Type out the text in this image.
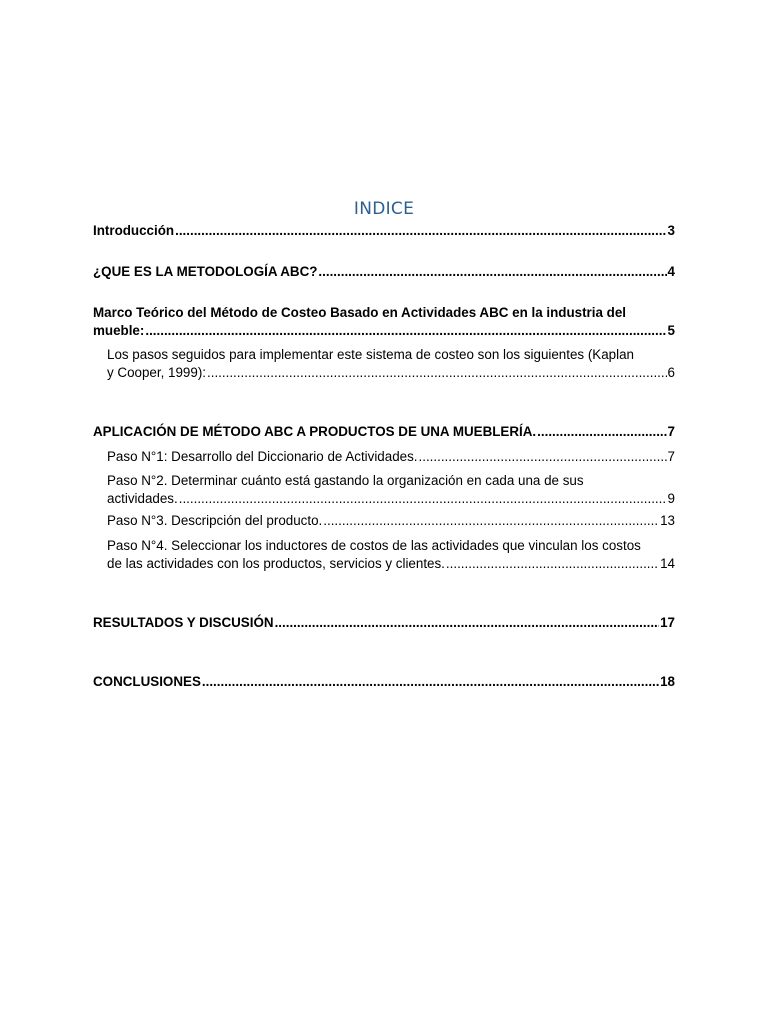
INDICE
Introducción .....	3
¿QUE ES LA METODOLOGÍA ABC? .....	4
Marco Teórico del Método de Costeo Basado en Actividades ABC en la industria del
mueble: .....	5
Los pasos seguidos para implementar este sistema de costeo son los siguientes (Kaplan
y Cooper, 1999): .....	6
APLICACIÓN DE MÉTODO ABC A PRODUCTOS DE UNA MUEBLERÍA. .....	7
Paso N°1: Desarrollo del Diccionario de Actividades. .....	7
Paso N°2. Determinar cuánto está gastando la organización en cada una de sus
actividades. .....	9
Paso N°3. Descripción del producto. .....	13
Paso N°4. Seleccionar los inductores de costos de las actividades que vinculan los costos
de las actividades con los productos, servicios y clientes. .....	14
RESULTADOS Y DISCUSIÓN .....	17
CONCLUSIONES .....	18
